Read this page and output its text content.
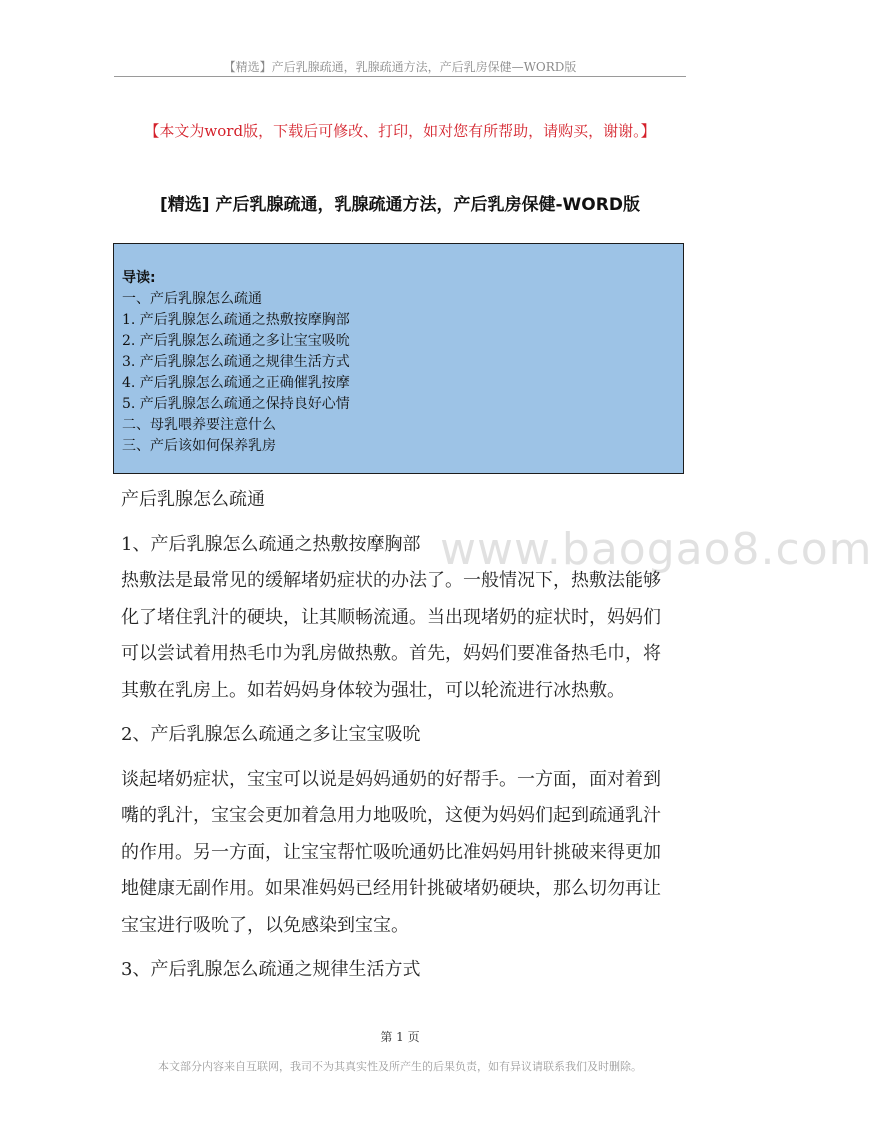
【精选】产后乳腺疏通，乳腺疏通方法，产后乳房保健—WORD版
【本文为word版，下载后可修改、打印，如对您有所帮助，请购买，谢谢。】
[精选] 产后乳腺疏通，乳腺疏通方法，产后乳房保健-WORD版
导读:
一、产后乳腺怎么疏通
1. 产后乳腺怎么疏通之热敷按摩胸部
2. 产后乳腺怎么疏通之多让宝宝吸吮
3. 产后乳腺怎么疏通之规律生活方式
4. 产后乳腺怎么疏通之正确催乳按摩
5. 产后乳腺怎么疏通之保持良好心情
二、母乳喂养要注意什么
三、产后该如何保养乳房
www.baogao8.com
产后乳腺怎么疏通
1、产后乳腺怎么疏通之热敷按摩胸部
热敷法是最常见的缓解堵奶症状的办法了。一般情况下，热敷法能够
化了堵住乳汁的硬块，让其顺畅流通。当出现堵奶的症状时，妈妈们
可以尝试着用热毛巾为乳房做热敷。首先，妈妈们要准备热毛巾，将
其敷在乳房上。如若妈妈身体较为强壮，可以轮流进行冰热敷。
2、产后乳腺怎么疏通之多让宝宝吸吮
谈起堵奶症状，宝宝可以说是妈妈通奶的好帮手。一方面，面对着到
嘴的乳汁，宝宝会更加着急用力地吸吮，这便为妈妈们起到疏通乳汁
的作用。另一方面，让宝宝帮忙吸吮通奶比准妈妈用针挑破来得更加
地健康无副作用。如果准妈妈已经用针挑破堵奶硬块，那么切勿再让
宝宝进行吸吮了，以免感染到宝宝。
3、产后乳腺怎么疏通之规律生活方式
第 1 页
本文部分内容来自互联网，我司不为其真实性及所产生的后果负责，如有异议请联系我们及时删除。
